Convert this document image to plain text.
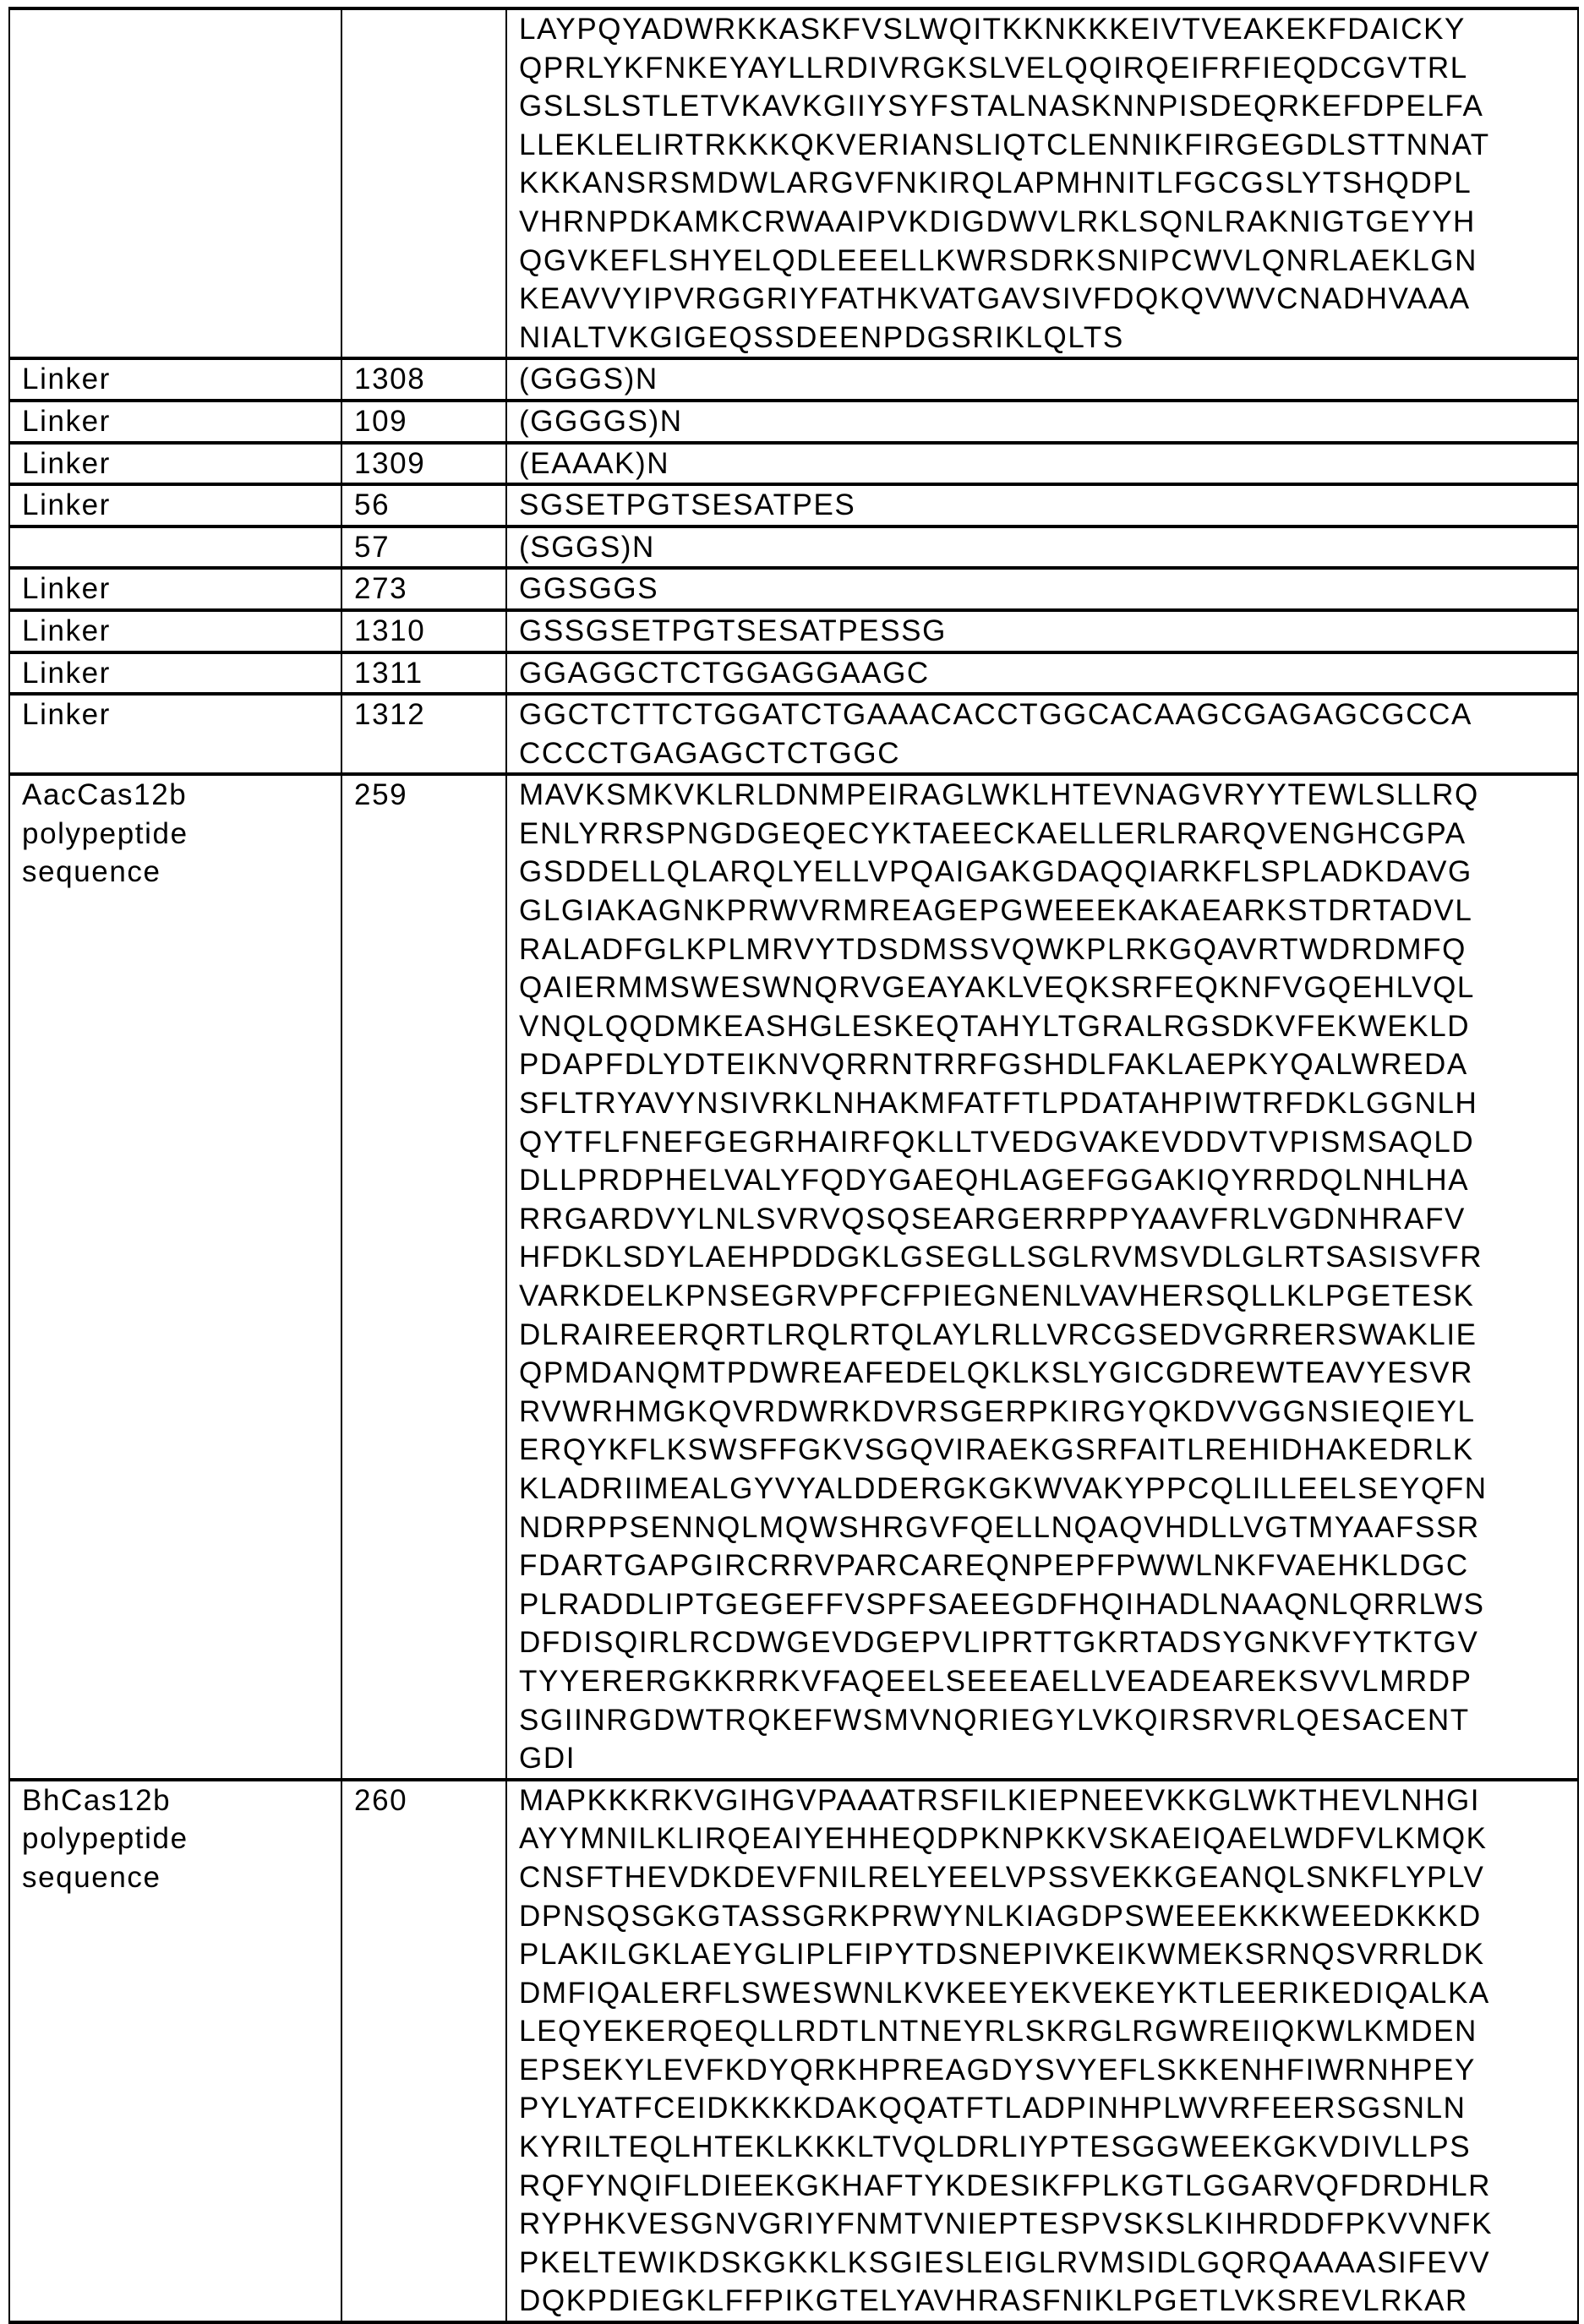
LAYPQYADWRKKASKFVSLWQITKKNKKKEIVTVEAKEKFDAICKY
QPRLYKFNKEYAYLLRDIVRGKSLVELQQIRQEIFRFIEQDCGVTRL
GSLSLSTLETVKAVKGIIYSYFSTALNASKNNPISDEQRKEFDPELFA
LLEKLELIRTRKKKQKVERIANSLIQTCLENNIKFIRGEGDLSTTNNAT
KKKANSRSMDWLARGVFNKIRQLAPMHNITLFGCGSLYTSHQDPL
VHRNPDKAMKCRWAAIPVKDIGDWVLRKLSQNLRAKNIGTGEYYH
QGVKEFLSHYELQDLEEELLKWRSDRKSNIPCWVLQNRLAEKLGN
KEAVVYIPVRGGRIYFATHKVATGAVSIVFDQKQVWVCNADHVAAA
NIALTVKGIGEQSSDEENPDGSRIKLQLTS

Linker	1308	(GGGS)N

Linker	109	(GGGGS)N

Linker	1309	(EAAAK)N

Linker	56	SGSETPGTSESATPES

	57	(SGGS)N

Linker	273	GGSGGS

Linker	1310	GSSGSETPGTSESATPESSG

Linker	1311	GGAGGCTCTGGAGGAAGC

Linker	1312	GGCTCTTCTGGATCTGAAACACCTGGCACAAGCGAGAGCGCCA
CCCCTGAGAGCTCTGGC

AacCas12b
polypeptide
sequence
	259	MAVKSMKVKLRLDNMPEIRAGLWKLHTEVNAGVRYYTEWLSLLRQ
ENLYRRSPNGDGEQECYKTAEECKAELLERLRARQVENGHCGPA
GSDDELLQLARQLYELLVPQAIGAKGDAQQIARKFLSPLADKDAVG
GLGIAKAGNKPRWVRMREAGEPGWEEEKAKAEARKSTDRTADVL
RALADFGLKPLMRVYTDSDMSSVQWKPLRKGQAVRTWDRDMFQ
QAIERMMSWESWNQRVGEAYAKLVEQKSRFEQKNFVGQEHLVQL
VNQLQQDMKEASHGLESKEQTAHYLTGRALRGSDKVFEKWEKLD
PDAPFDLYDTEIKNVQRRNTRRFGSHDLFAKLAEPKYQALWREDA
SFLTRYAVYNSIVRKLNHAKMFATFTLPDATAHPIWTRFDKLGGNLH
QYTFLFNEFGEGRHAIRFQKLLTVEDGVAKEVDDVTVPISMSAQLD
DLLPRDPHELVALYFQDYGAEQHLAGEFGGAKIQYRRDQLNHLHA
RRGARDVYLNLSVRVQSQSEARGERRPPYAAVFRLVGDNHRAFV
HFDKLSDYLAEHPDDGKLGSEGLLSGLRVMSVDLGLRTSASISVFR
VARKDELKPNSEGRVPFCFPIEGNENLVAVHERSQLLKLPGETESK
DLRAIREERQRTLRQLRTQLAYLRLLVRCGSEDVGRRERSWAKLIE
QPMDANQMTPDWREAFEDELQKLKSLYGICGDREWTEAVYESVR
RVWRHMGKQVRDWRKDVRSGERPKIRGYQKDVVGGNSIEQIEYL
ERQYKFLKSWSFFGKVSGQVIRAEKGSRFAITLREHIDHAKEDRLK
KLADRIIMEALGYVYALDDERGKGKWVAKYPPCQLILLEELSEYQFN
NDRPPSENNQLMQWSHRGVFQELLNQAQVHDLLVGTMYAAFSSR
FDARTGAPGIRCRRVPARCAREQNPEPFPWWLNKFVAEHKLDGC
PLRADDLIPTGEGEFFVSPFSAEEGDFHQIHADLNAAQNLQRRLWS
DFDISQIRLRCDWGEVDGEPVLIPRTTGKRTADSYGNKVFYTKTGV
TYYERERGKKRRKVFAQEELSEEEAELLVEADEAREKSVVLMRDP
SGIINRGDWTRQKEFWSMVNQRIEGYLVKQIRSRVRLQESACENT
GDI

BhCas12b
polypeptide
sequence
	260	MAPKKKRKVGIHGVPAAATRSFILKIEPNEEVKKGLWKTHEVLNHGI
AYYMNILKLIRQEAIYEHHEQDPKNPKKVSKAEIQAELWDFVLKMQK
CNSFTHEVDKDEVFNILRELYEELVPSSVEKKGEANQLSNKFLYPLV
DPNSQSGKGTASSGRKPRWYNLKIAGDPSWEEEKKKWEEDKKKD
PLAKILGKLAEYGLIPLFIPYTDSNEPIVKEIKWMEKSRNQSVRRLDK
DMFIQALERFLSWESWNLKVKEEYEKVEKEYKTLEERIKEDIQALKA
LEQYEKERQEQLLRDTLNTNEYRLSKRGLRGWREIIQKWLKMDEN
EPSEKYLEVFKDYQRKHPREAGDYSVYEFLSKKENHFIWRNHPEY
PYLYATFCEIDKKKKDAKQQATFTLADPINHPLWVRFEERSGSNLN
KYRILTEQLHTEKLKKKLTVQLDRLIYPTESGGWEEKGKVDIVLLPS
RQFYNQIFLDIEEKGKHAFTYKDESIKFPLKGTLGGARVQFDRDHLR
RYPHKVESGNVGRIYFNMTVNIEPTESPVSKSLKIHRDDFPKVVNFK
PKELTEWIKDSKGKKLKSGIESLEIGLRVMSIDLGQRQAAAASIFEVV
DQKPDIEGKLFFPIKGTELYAVHRASFNIKLPGETLVKSREVLRKAR
